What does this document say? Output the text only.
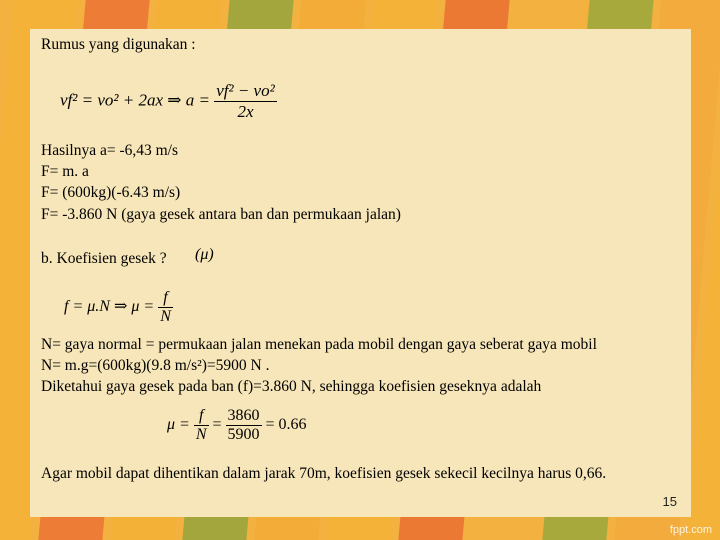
Rumus yang digunakan :
vf² = vo² + 2ax ⇒ $a = \frac{\text{vf² − vo²}}{2x}$
Hasilnya a= -6,43 m/s
F= m. a
F= (600kg)(-6.43 m/s)
F= -3.860 N (gaya gesek antara ban dan permukaan jalan)
b. Koefisien gesek ? (μ)
f = μ.N ⇒ $\mu = \frac{f}{N}$
N= gaya normal = permukaan jalan menekan pada mobil dengan gaya seberat gaya mobil
N= m.g=(600kg)(9.8 m/s²)=5900 N .
Diketahui gaya gesek pada ban (f)=3.860 N, sehingga koefisien geseknya adalah
$\mu = \frac{f}{N} = \frac{3860}{5900} = 0.66$
Agar mobil dapat dihentikan dalam jarak 70m, koefisien gesek sekecil kecilnya harus 0,66.
15
fppt.com
